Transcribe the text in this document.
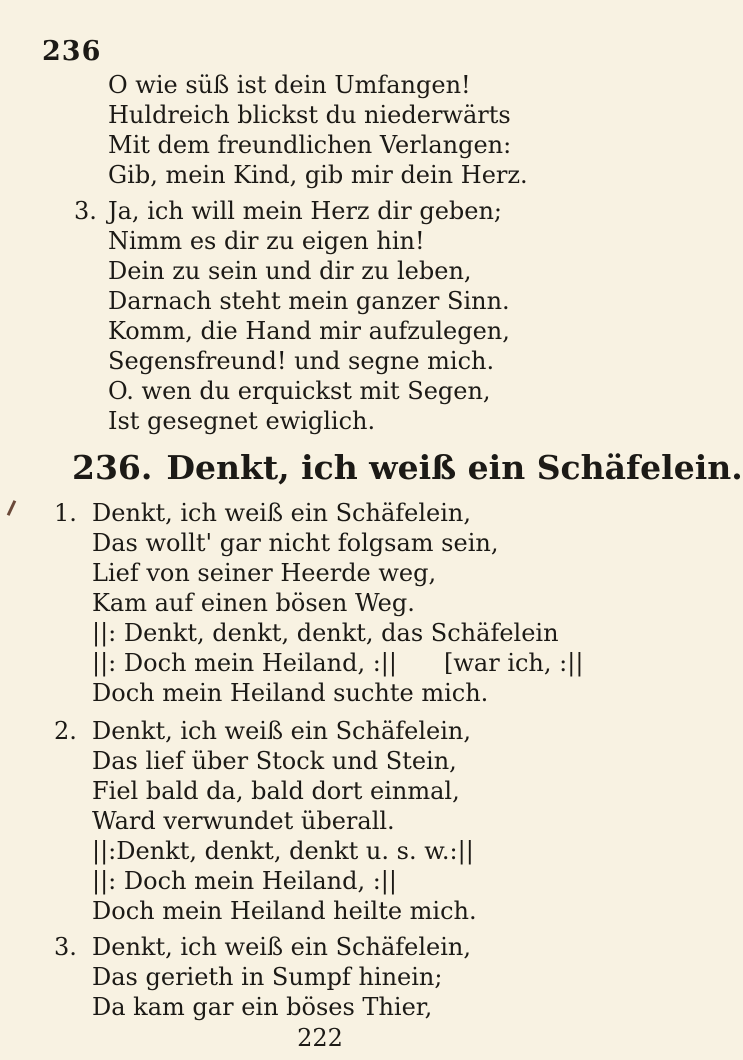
236
O wie süß ist dein Umfangen!
Huldreich blickst du niederwärts
Mit dem freundlichen Verlangen:
Gib, mein Kind, gib mir dein Herz.
3. Ja, ich will mein Herz dir geben;
Nimm es dir zu eigen hin!
Dein zu sein und dir zu leben,
Darnach steht mein ganzer Sinn.
Komm, die Hand mir aufzulegen,
Segensfreund! und segne mich.
O. wen du erquickst mit Segen,
Ist gesegnet ewiglich.
236. Denkt, ich weiß ein Schäfelein.
1. Denkt, ich weiß ein Schäfelein,
Das wollt' gar nicht folgsam sein,
Lief von seiner Heerde weg,
Kam auf einen bösen Weg.
||: Denkt, denkt, denkt, das Schäfelein
||: Doch mein Heiland, :|| [war ich, :||
Doch mein Heiland suchte mich.
2. Denkt, ich weiß ein Schäfelein,
Das lief über Stock und Stein,
Fiel bald da, bald dort einmal,
Ward verwundet überall.
||:Denkt, denkt, denkt u. s. w.:||
||: Doch mein Heiland, :||
Doch mein Heiland heilte mich.
3. Denkt, ich weiß ein Schäfelein,
Das gerieth in Sumpf hinein;
Da kam gar ein böses Thier,
222
